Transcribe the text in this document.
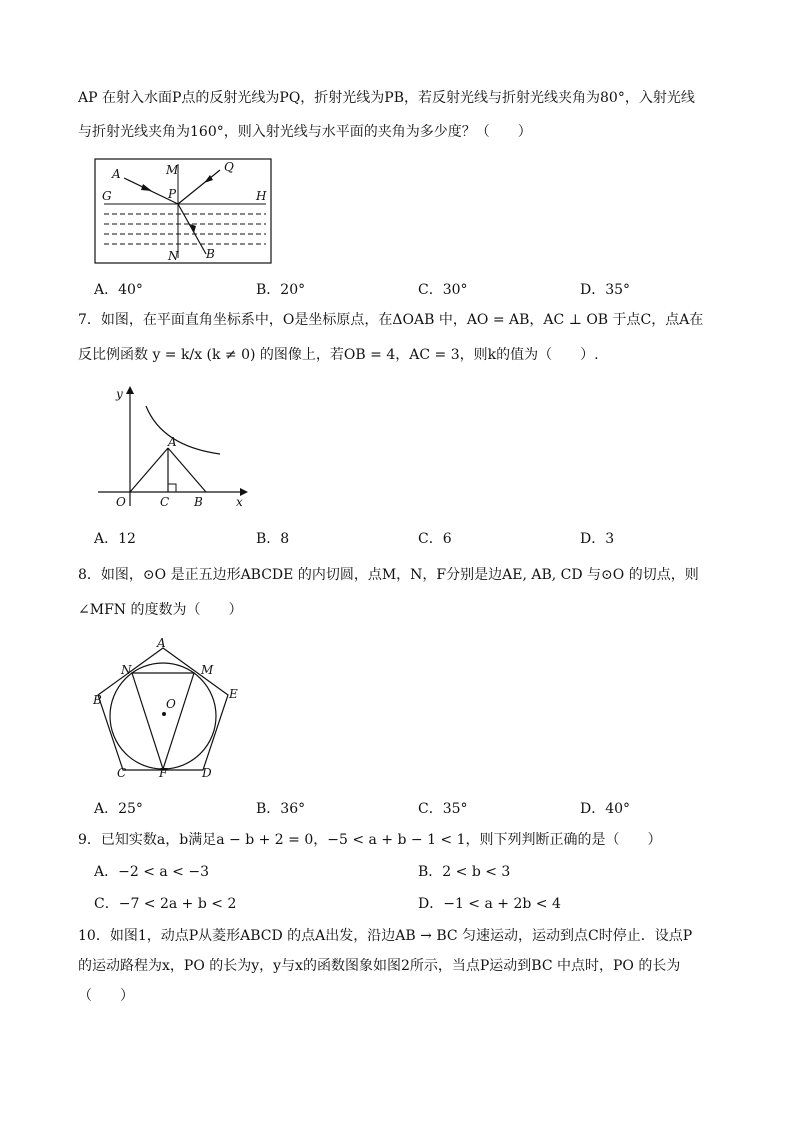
AP 在射入水面P点的反射光线为PQ，折射光线为PB，若反射光线与折射光线夹角为80°，入射光线
与折射光线夹角为160°，则入射光线与水平面的夹角为多少度？（　　）
A	M	Q
G	P	H
N B
A．40°	B．20°	C．30°	D．35°
7．如图，在平面直角坐标系中，O是坐标原点，在ΔOAB 中，AO = AB，AC ⊥ OB 于点C，点A在
反比例函数 y = k/x (k ≠ 0) 的图像上，若OB = 4，AC = 3，则k的值为（　　）.
y
A
O	C B	x
A．12	B．8	C．6	D．3
8．如图，⊙O 是正五边形ABCDE 的内切圆，点M，N，F分别是边AE, AB, CD 与⊙O 的切点，则
∠MFN 的度数为（　　）
A
N	M
B	O
E
C	F	D
A．25°	B．36°	C．35°	D．40°
9．已知实数a，b满足a − b + 2 = 0，−5 < a + b − 1 < 1，则下列判断正确的是（　　）
A．−2 < a < −3	B．2 < b < 3
C．−7 < 2a + b < 2	D．−1 < a + 2b < 4
10．如图1，动点P从菱形ABCD 的点A出发，沿边AB → BC 匀速运动，运动到点C时停止．设点P
的运动路程为x，PO 的长为y，y与x的函数图象如图2所示，当点P运动到BC 中点时，PO 的长为
（　　）
